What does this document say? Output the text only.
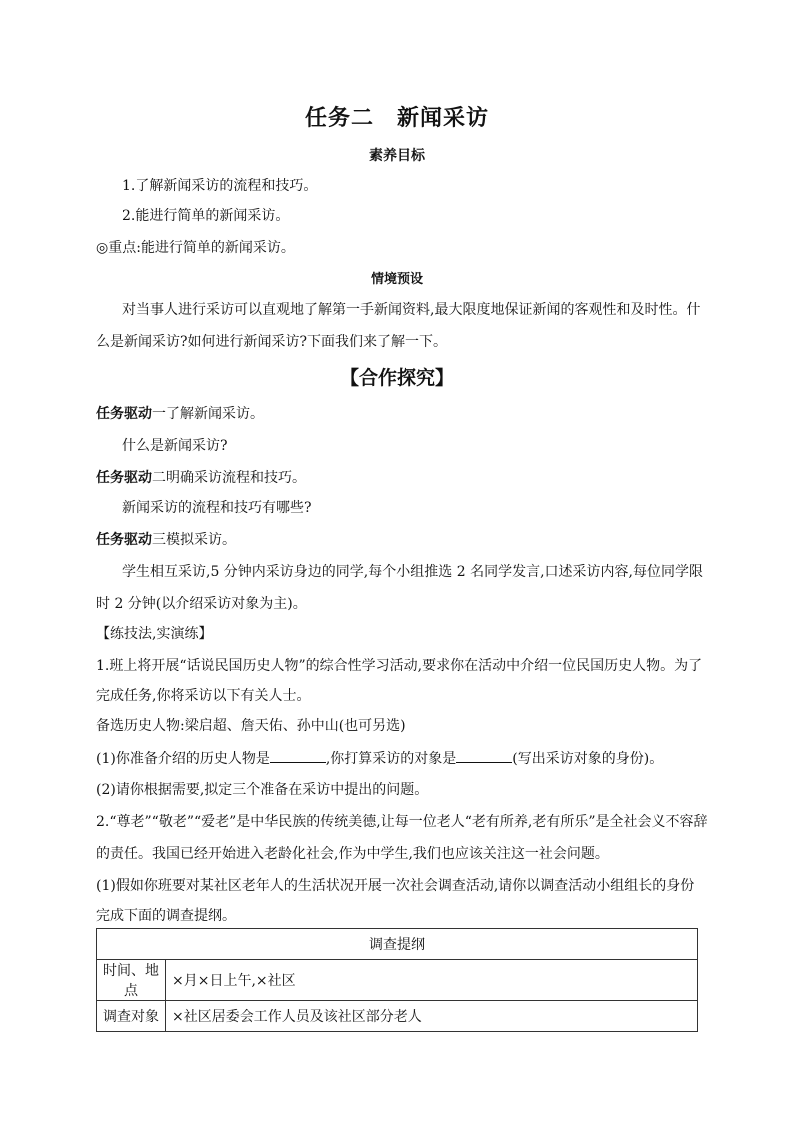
任务二　新闻采访
素养目标
1.了解新闻采访的流程和技巧。
2.能进行简单的新闻采访。
◎重点:能进行简单的新闻采访。
情境预设
对当事人进行采访可以直观地了解第一手新闻资料,最大限度地保证新闻的客观性和及时性。什
么是新闻采访?如何进行新闻采访?下面我们来了解一下。
【合作探究】
任务驱动一了解新闻采访。
什么是新闻采访?
任务驱动二明确采访流程和技巧。
新闻采访的流程和技巧有哪些?
任务驱动三模拟采访。
学生相互采访,5 分钟内采访身边的同学,每个小组推选 2 名同学发言,口述采访内容,每位同学限
时 2 分钟(以介绍采访对象为主)。
【练技法,实演练】
1.班上将开展“话说民国历史人物”的综合性学习活动,要求你在活动中介绍一位民国历史人物。为了
完成任务,你将采访以下有关人士。
备选历史人物:梁启超、詹天佑、孙中山(也可另选)
(1)你准备介绍的历史人物是	,你打算采访的对象是	(写出采访对象的身份)。
(2)请你根据需要,拟定三个准备在采访中提出的问题。
2.“尊老”“敬老”“爱老”是中华民族的传统美德,让每一位老人“老有所养,老有所乐”是全社会义不容辞
的责任。我国已经开始进入老龄化社会,作为中学生,我们也应该关注这一社会问题。
(1)假如你班要对某社区老年人的生活状况开展一次社会调查活动,请你以调查活动小组组长的身份
完成下面的调查提纲。
调查提纲	
时间、地点	×月×日上午,×社区
调查对象	×社区居委会工作人员及该社区部分老人
